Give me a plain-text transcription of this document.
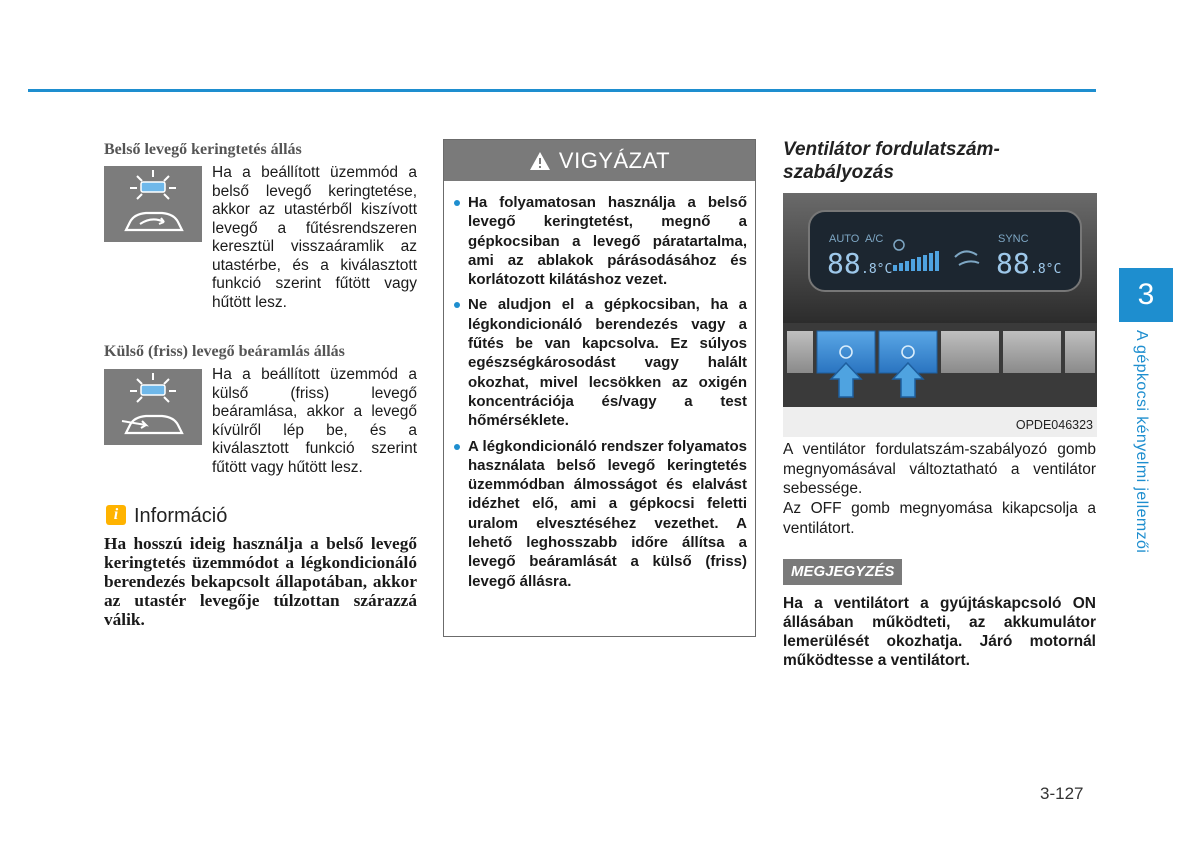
Belső levegő keringtetés állás
Ha a beállított üzemmód a belső levegő keringtetése, akkor az utastérből kiszívott levegő a fűtésrendszeren keresztül visszaáramlik az utastérbe, és a kiválasztott funkció szerint fűtött vagy hűtött lesz.
Külső (friss) levegő beáramlás állás
Ha a beállított üzemmód a külső (friss) levegő beáramlása, akkor a levegő kívülről lép be, és a kiválasztott funkció szerint fűtött vagy hűtött lesz.
i Információ
Ha hosszú ideig használja a belső levegő keringtetés üzemmódot a légkondicionáló berendezés bekapcsolt állapotában, akkor az utastér levegője túlzottan szárazzá válik.
VIGYÁZAT
Ha folyamatosan használja a belső levegő keringtetést, megnő a gépkocsiban a levegő páratartalma, ami az ablakok párásodásához és korlátozott kilátáshoz vezet.
Ne aludjon el a gépkocsiban, ha a légkondicionáló berendezés vagy a fűtés be van kapcsolva. Ez súlyos egészségkárosodást vagy halált okozhat, mivel lecsökken az oxigén koncentrációja és/vagy a test hőmérséklete.
A légkondicionáló rendszer folyamatos használata belső levegő keringtetés üzemmódban álmosságot és elalvást idézhet elő, ami a gépkocsi feletti uralom elvesztéséhez vezethet. A lehető leghosszabb időre állítsa a levegő beáramlását a külső (friss) levegő állásra.
Ventilátor fordulatszám-szabályozás
AUTO A/C	SYNC
88 .8°C	88 .8°C
OPDE046323
A ventilátor fordulatszám-szabályozó gomb megnyomásával változtatható a ventilátor sebessége.
Az OFF gomb megnyomása kikapcsolja a ventilátort.
MEGJEGYZÉS
Ha a ventilátort a gyújtáskapcsoló ON állásában működteti, az akkumulátor lemerülését okozhatja. Járó motornál működtesse a ventilátort.
3
A gépkocsi kényelmi jellemzői
3-127
